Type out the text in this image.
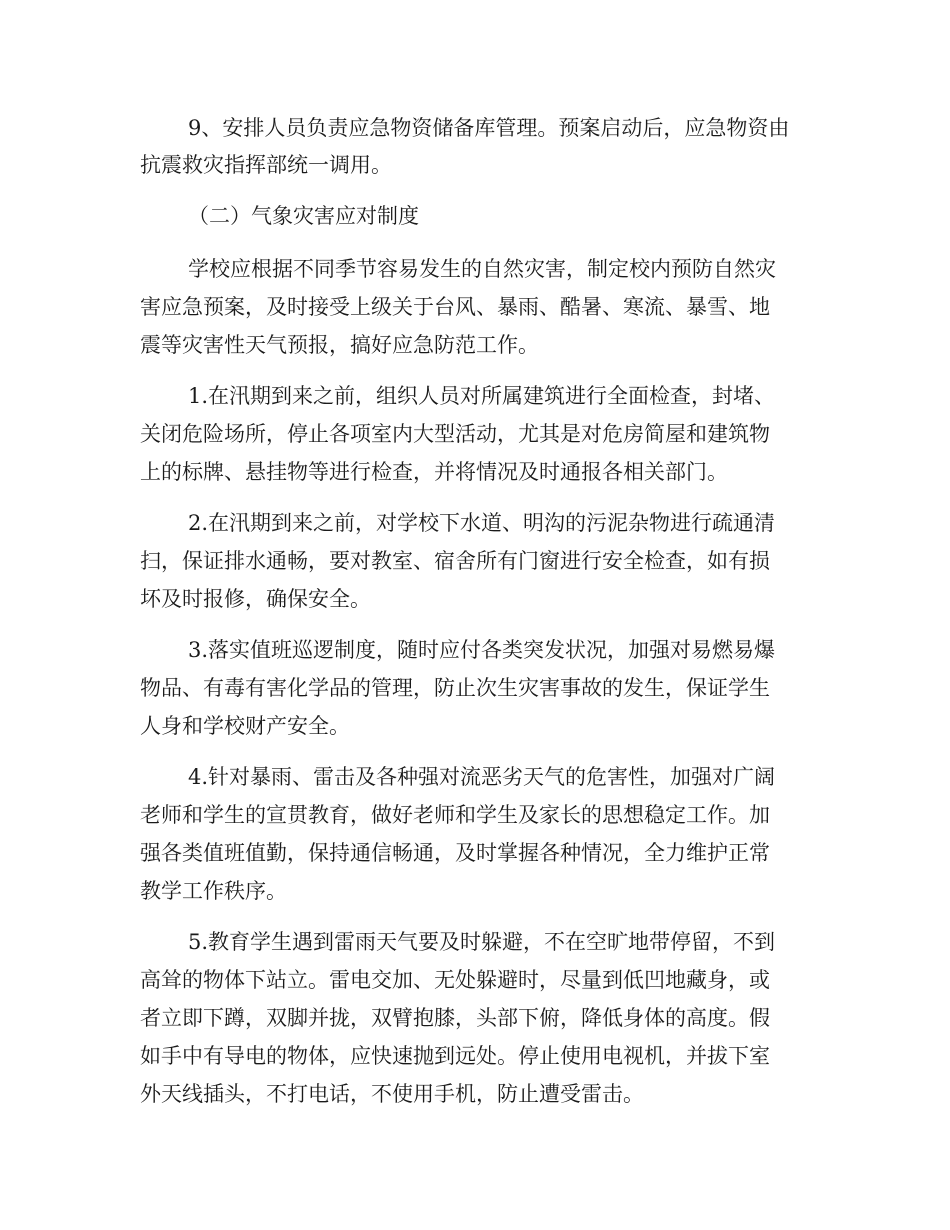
9、安排人员负责应急物资储备库管理。预案启动后，应急物资由

抗震救灾指挥部统一调用。

（二）气象灾害应对制度

学校应根据不同季节容易发生的自然灾害，制定校内预防自然灾

害应急预案，及时接受上级关于台风、暴雨、酷暑、寒流、暴雪、地

震等灾害性天气预报，搞好应急防范工作。

1.在汛期到来之前，组织人员对所属建筑进行全面检查，封堵、

关闭危险场所，停止各项室内大型活动，尤其是对危房简屋和建筑物

上的标牌、悬挂物等进行检查，并将情况及时通报各相关部门。

2.在汛期到来之前，对学校下水道、明沟的污泥杂物进行疏通清

扫，保证排水通畅，要对教室、宿舍所有门窗进行安全检查，如有损

坏及时报修，确保安全。

3.落实值班巡逻制度，随时应付各类突发状况，加强对易燃易爆

物品、有毒有害化学品的管理，防止次生灾害事故的发生，保证学生

人身和学校财产安全。

4.针对暴雨、雷击及各种强对流恶劣天气的危害性，加强对广阔

老师和学生的宣贯教育，做好老师和学生及家长的思想稳定工作。加

强各类值班值勤，保持通信畅通，及时掌握各种情况，全力维护正常

教学工作秩序。

5.教育学生遇到雷雨天气要及时躲避，不在空旷地带停留，不到

高耸的物体下站立。雷电交加、无处躲避时，尽量到低凹地藏身，或

者立即下蹲，双脚并拢，双臂抱膝，头部下俯，降低身体的高度。假

如手中有导电的物体，应快速抛到远处。停止使用电视机，并拔下室

外天线插头，不打电话，不使用手机，防止遭受雷击。
